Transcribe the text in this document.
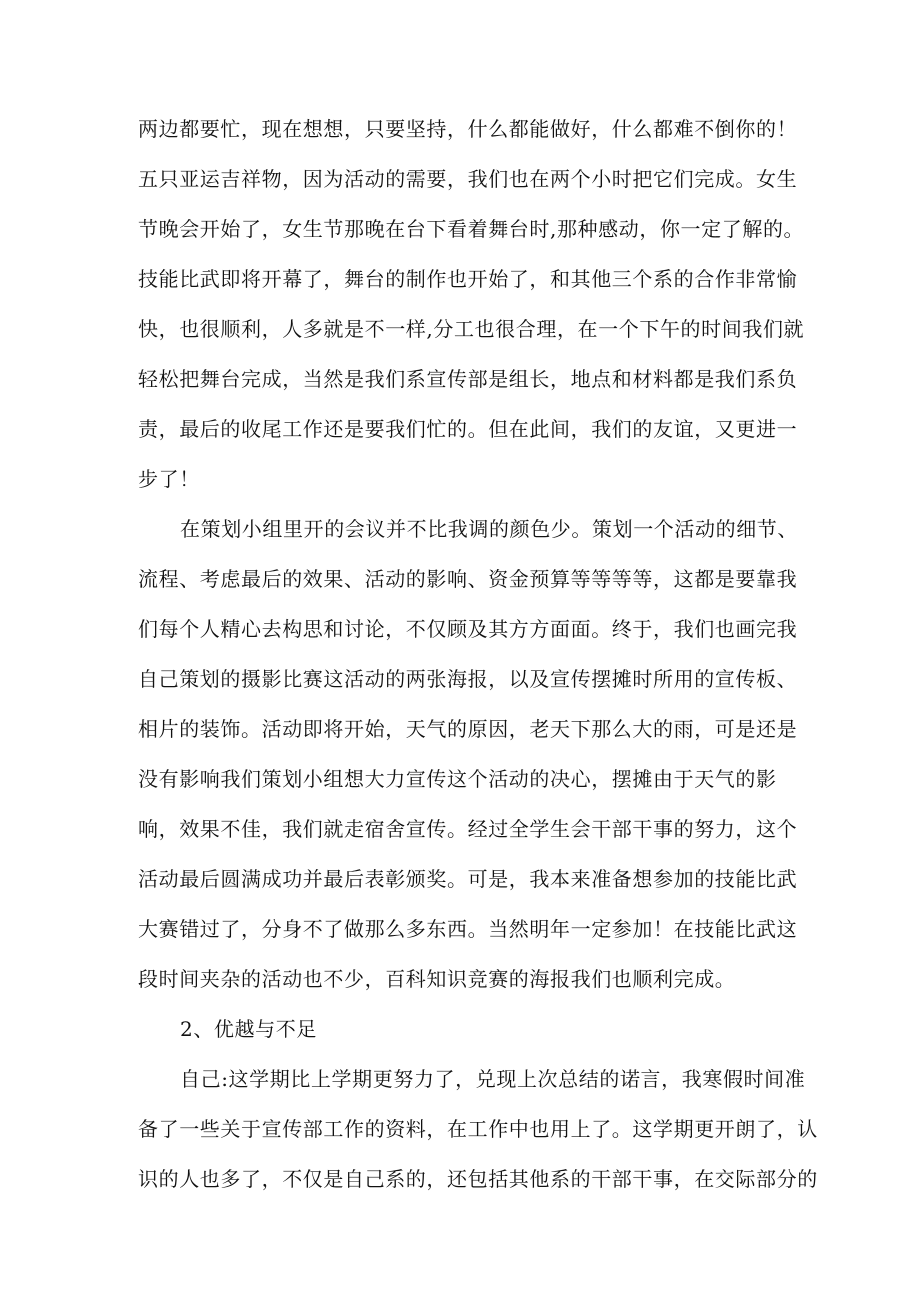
两边都要忙，现在想想，只要坚持，什么都能做好，什么都难不倒你的！
五只亚运吉祥物，因为活动的需要，我们也在两个小时把它们完成。女生
节晚会开始了，女生节那晚在台下看着舞台时,那种感动，你一定了解的。
技能比武即将开幕了，舞台的制作也开始了，和其他三个系的合作非常愉
快，也很顺利，人多就是不一样,分工也很合理，在一个下午的时间我们就
轻松把舞台完成，当然是我们系宣传部是组长，地点和材料都是我们系负
责，最后的收尾工作还是要我们忙的。但在此间，我们的友谊，又更进一
步了！
在策划小组里开的会议并不比我调的颜色少。策划一个活动的细节、
流程、考虑最后的效果、活动的影响、资金预算等等等等，这都是要靠我
们每个人精心去构思和讨论，不仅顾及其方方面面。终于，我们也画完我
自己策划的摄影比赛这活动的两张海报，以及宣传摆摊时所用的宣传板、
相片的装饰。活动即将开始，天气的原因，老天下那么大的雨，可是还是
没有影响我们策划小组想大力宣传这个活动的决心，摆摊由于天气的影
响，效果不佳，我们就走宿舍宣传。经过全学生会干部干事的努力，这个
活动最后圆满成功并最后表彰颁奖。可是，我本来准备想参加的技能比武
大赛错过了，分身不了做那么多东西。当然明年一定参加！在技能比武这
段时间夹杂的活动也不少，百科知识竞赛的海报我们也顺利完成。
2、优越与不足
自己:这学期比上学期更努力了，兑现上次总结的诺言，我寒假时间准
备了一些关于宣传部工作的资料，在工作中也用上了。这学期更开朗了，认
识的人也多了，不仅是自己系的，还包括其他系的干部干事，在交际部分的
